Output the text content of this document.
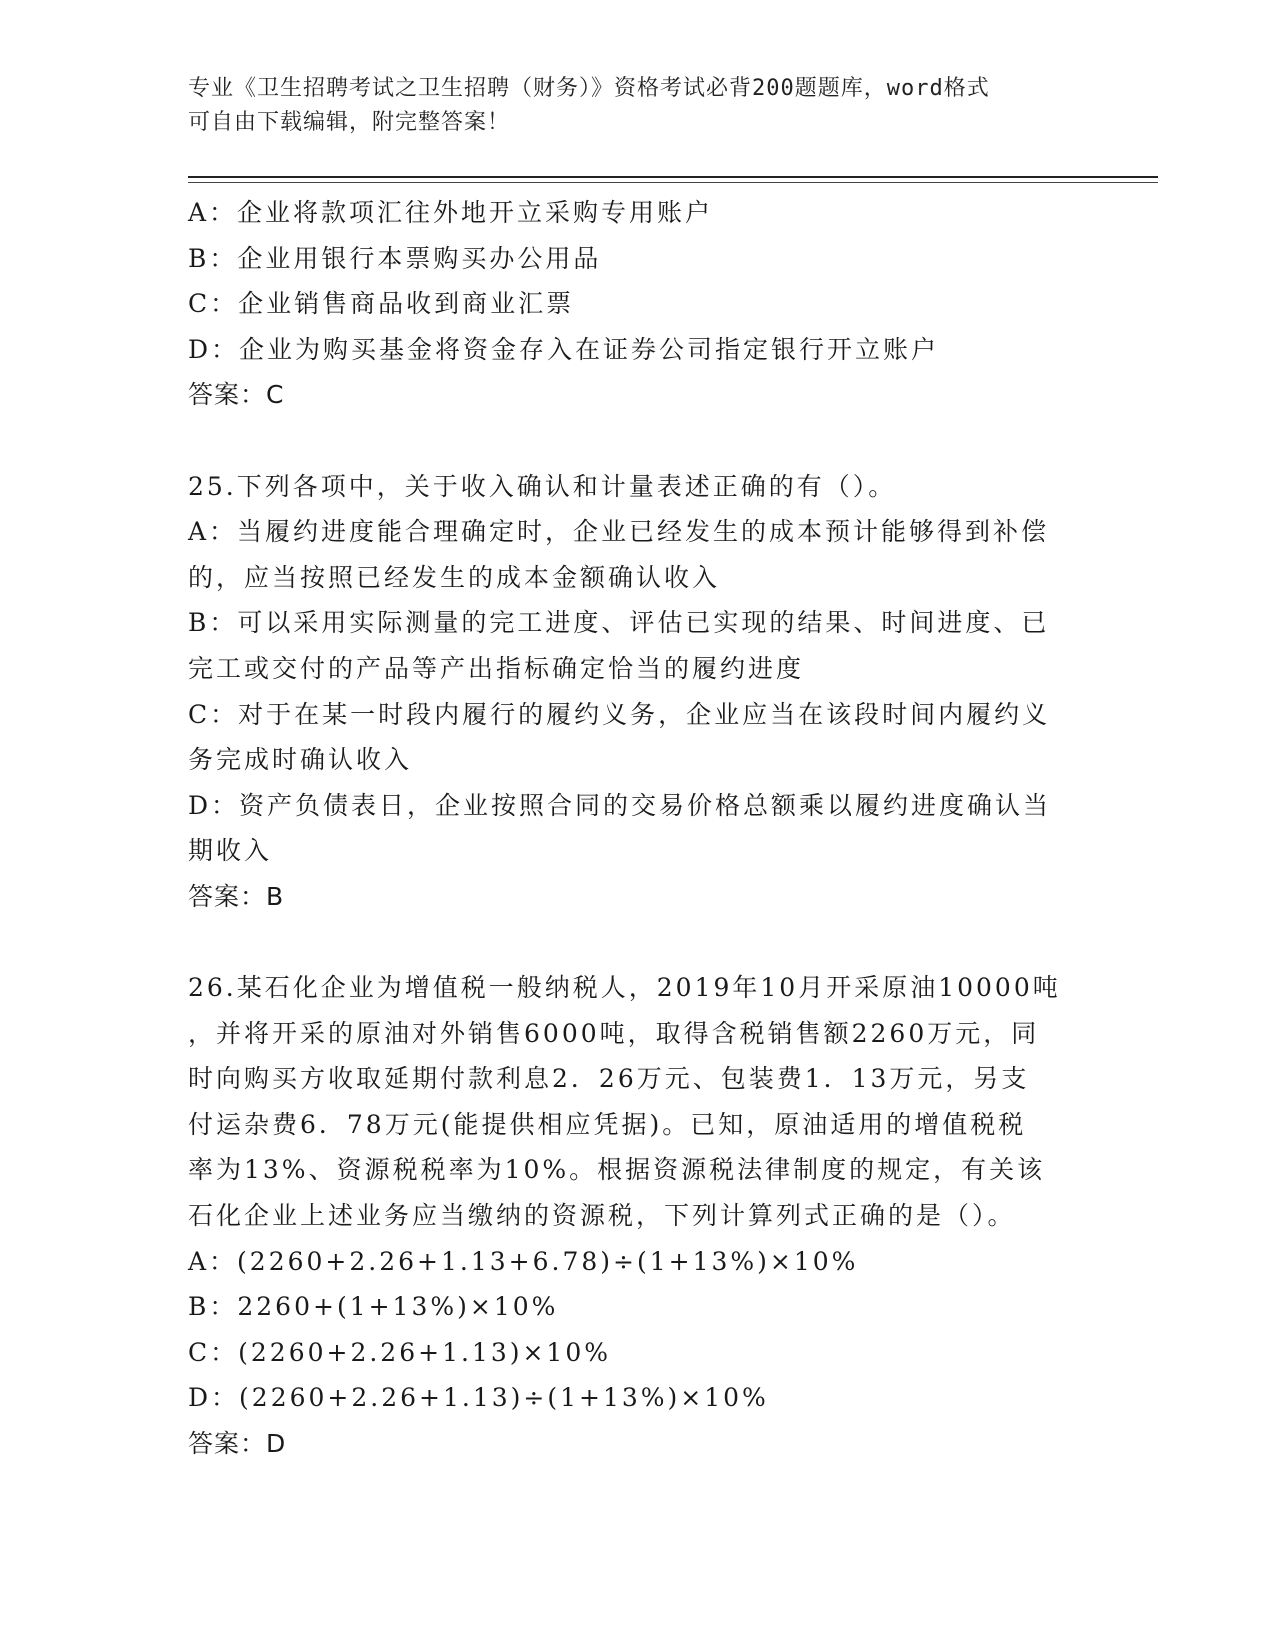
专业《卫生招聘考试之卫生招聘（财务）》资格考试必背200题题库，word格式
可自由下载编辑，附完整答案！
A：企业将款项汇往外地开立采购专用账户
B：企业用银行本票购买办公用品
C：企业销售商品收到商业汇票
D：企业为购买基金将资金存入在证券公司指定银行开立账户
答案：C
25.下列各项中，关于收入确认和计量表述正确的有（）。
A：当履约进度能合理确定时，企业已经发生的成本预计能够得到补偿
的，应当按照已经发生的成本金额确认收入
B：可以采用实际测量的完工进度、评估已实现的结果、时间进度、已
完工或交付的产品等产出指标确定恰当的履约进度
C：对于在某一时段内履行的履约义务，企业应当在该段时间内履约义
务完成时确认收入
D：资产负债表日，企业按照合同的交易价格总额乘以履约进度确认当
期收入
答案：B
26.某石化企业为增值税一般纳税人，2019年10月开采原油10000吨
，并将开采的原油对外销售6000吨，取得含税销售额2260万元，同
时向购买方收取延期付款利息2．26万元、包装费1．13万元，另支
付运杂费6．78万元(能提供相应凭据)。已知，原油适用的增值税税
率为13%、资源税税率为10%。根据资源税法律制度的规定，有关该
石化企业上述业务应当缴纳的资源税，下列计算列式正确的是（）。
A：(2260+2.26+1.13+6.78)÷(1+13%)×10%
B：2260+(1+13%)×10%
C：(2260+2.26+1.13)×10%
D：(2260+2.26+1.13)÷(1+13%)×10%
答案：D
